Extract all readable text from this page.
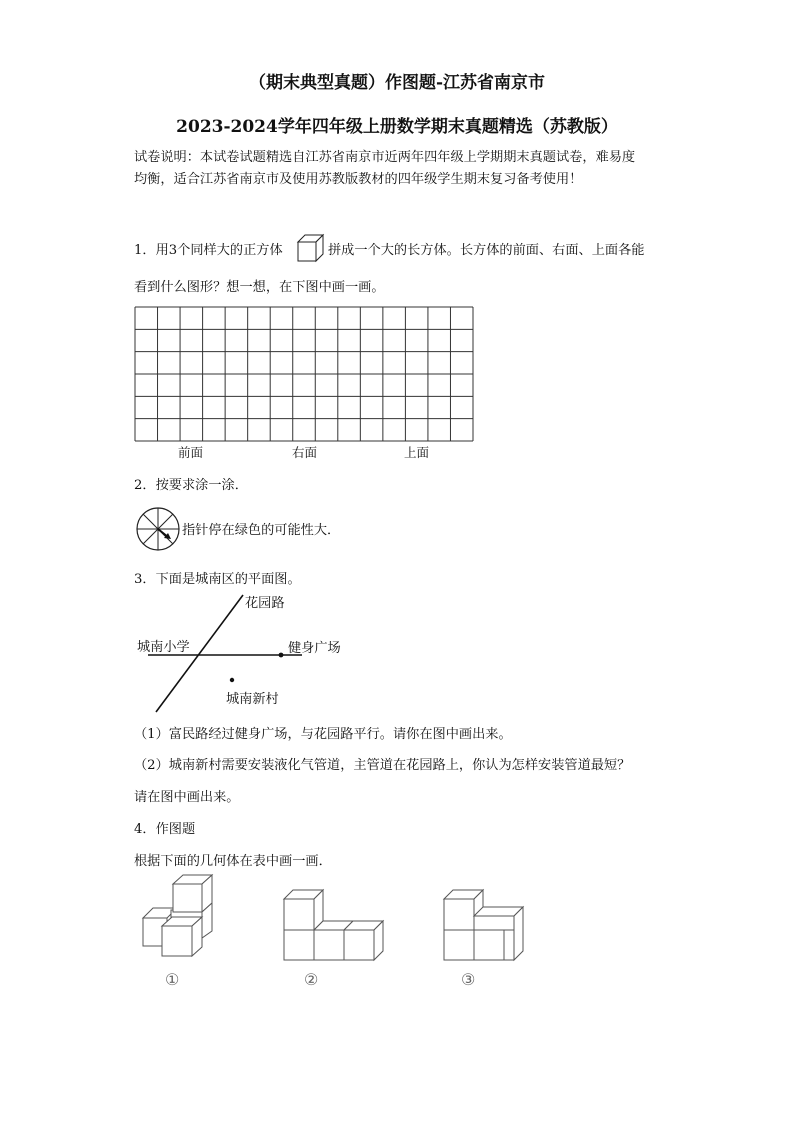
（期末典型真题）作图题-江苏省南京市
2023-2024学年四年级上册数学期末真题精选（苏教版）
试卷说明：本试卷试题精选自江苏省南京市近两年四年级上学期期末真题试卷，难易度
均衡，适合江苏省南京市及使用苏教版教材的四年级学生期末复习备考使用！
1．用3个同样大的正方体	拼成一个大的长方体。长方体的前面、右面、上面各能
看到什么图形？想一想，在下图中画一画。
前面	右面	上面
2．按要求涂一涂．
指针停在绿色的可能性大．
3．下面是城南区的平面图。
花园路
城南小学	健身广场
城南新村
（1）富民路经过健身广场，与花园路平行。请你在图中画出来。
（2）城南新村需要安装液化气管道，主管道在花园路上，你认为怎样安装管道最短？
请在图中画出来。
4．作图题
根据下面的几何体在表中画一画．
①	②	③
